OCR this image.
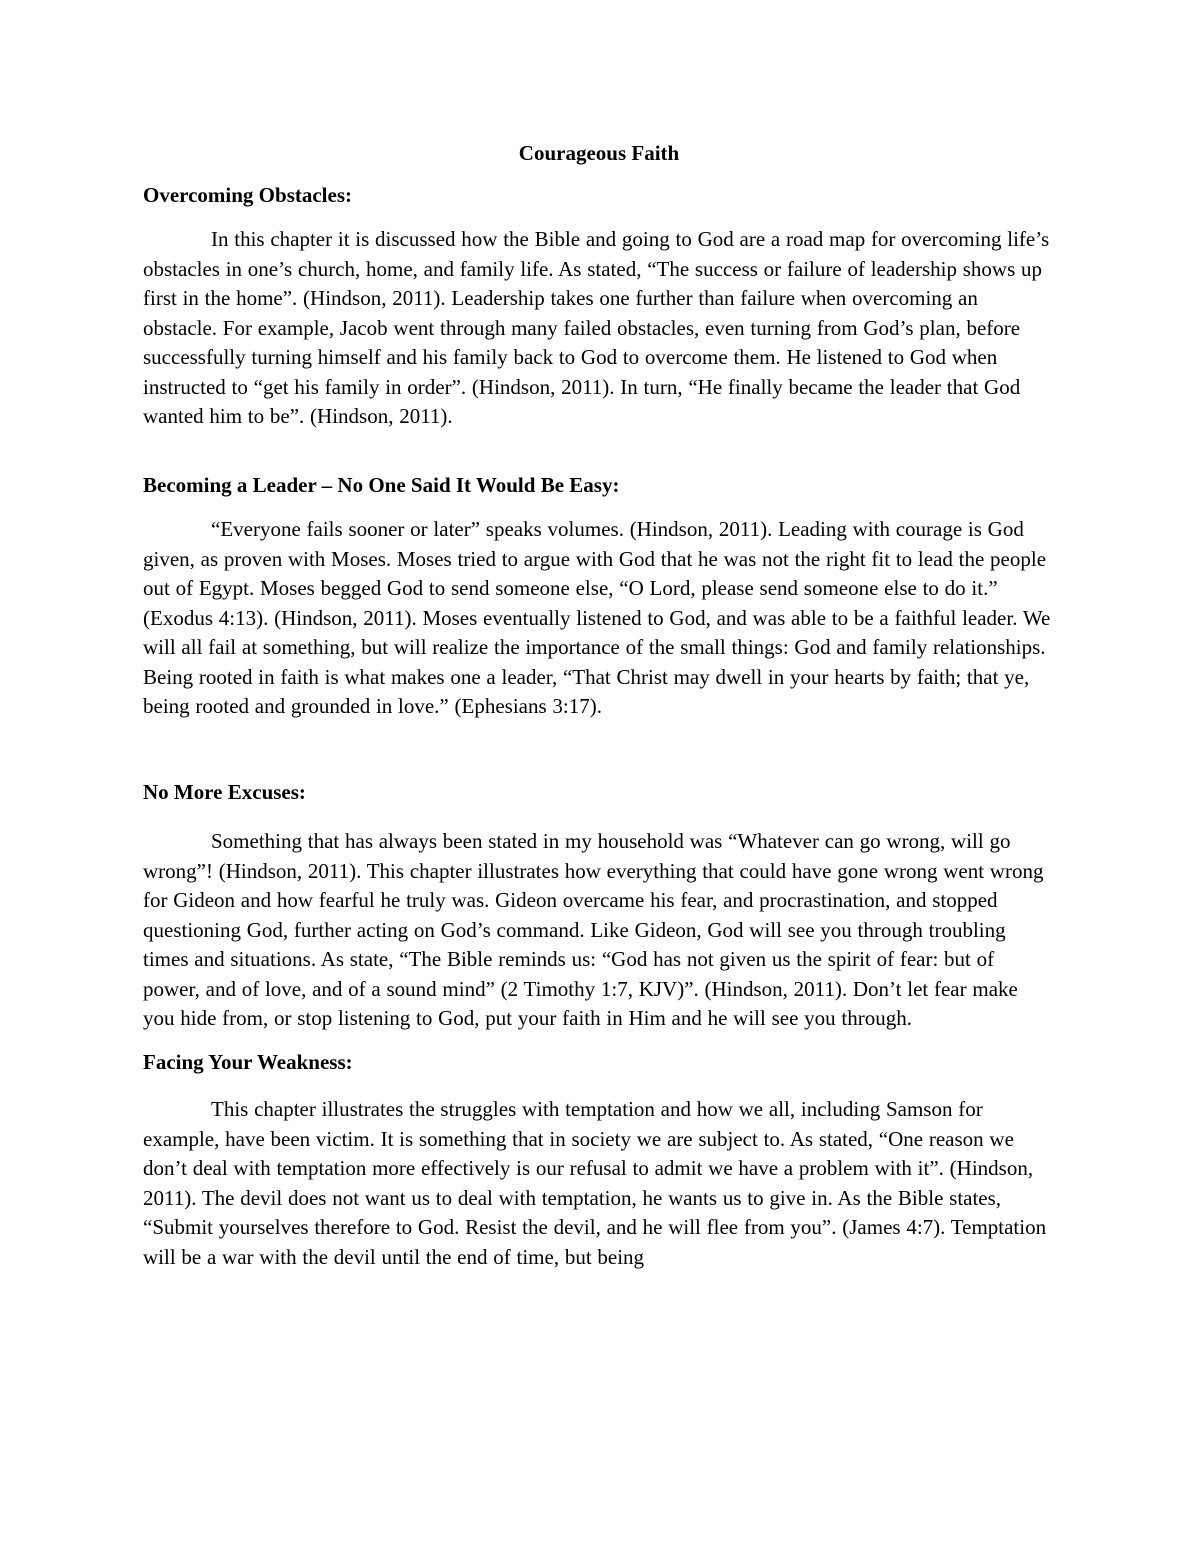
Courageous Faith
Overcoming Obstacles:

In this chapter it is discussed how the Bible and going to God are a road map for overcoming life’s obstacles in one’s church, home, and family life. As stated, “The success or failure of leadership shows up first in the home”. (Hindson, 2011). Leadership takes one further than failure when overcoming an obstacle. For example, Jacob went through many failed obstacles, even turning from God’s plan, before successfully turning himself and his family back to God to overcome them. He listened to God when instructed to “get his family in order”. (Hindson, 2011). In turn, “He finally became the leader that God wanted him to be”. (Hindson, 2011).

Becoming a Leader – No One Said It Would Be Easy:

“Everyone fails sooner or later” speaks volumes. (Hindson, 2011). Leading with courage is God given, as proven with Moses. Moses tried to argue with God that he was not the right fit to lead the people out of Egypt. Moses begged God to send someone else, “O Lord, please send someone else to do it.” (Exodus 4:13). (Hindson, 2011). Moses eventually listened to God, and was able to be a faithful leader. We will all fail at something, but will realize the importance of the small things: God and family relationships. Being rooted in faith is what makes one a leader, “That Christ may dwell in your hearts by faith; that ye, being rooted and grounded in love.” (Ephesians 3:17).

No More Excuses:

Something that has always been stated in my household was “Whatever can go wrong, will go wrong”! (Hindson, 2011). This chapter illustrates how everything that could have gone wrong went wrong for Gideon and how fearful he truly was. Gideon overcame his fear, and procrastination, and stopped questioning God, further acting on God’s command. Like Gideon, God will see you through troubling times and situations. As state, “The Bible reminds us: “God has not given us the spirit of fear: but of power, and of love, and of a sound mind” (2 Timothy 1:7, KJV)”. (Hindson, 2011). Don’t let fear make you hide from, or stop listening to God, put your faith in Him and he will see you through.

Facing Your Weakness:

This chapter illustrates the struggles with temptation and how we all, including Samson for example, have been victim. It is something that in society we are subject to. As stated, “One reason we don’t deal with temptation more effectively is our refusal to admit we have a problem with it”. (Hindson, 2011). The devil does not want us to deal with temptation, he wants us to give in. As the Bible states, “Submit yourselves therefore to God. Resist the devil, and he will flee from you”. (James 4:7). Temptation will be a war with the devil until the end of time, but being
